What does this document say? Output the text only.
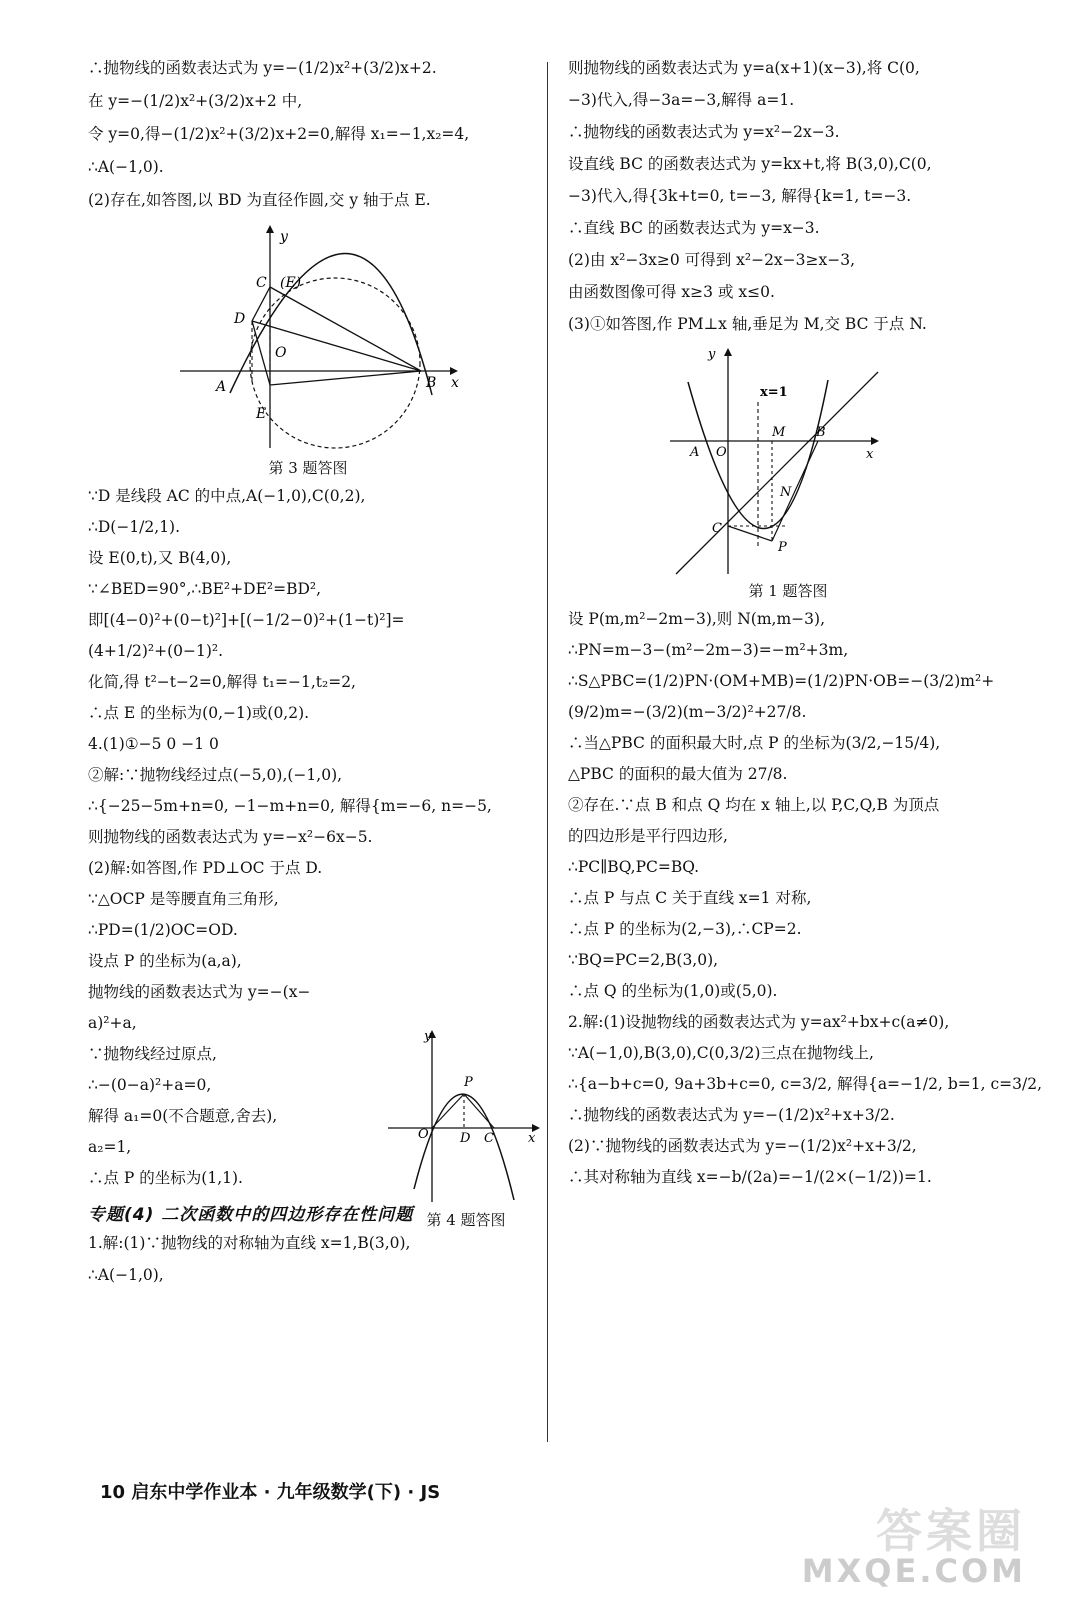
∴抛物线的函数表达式为 y=−(1/2)x²+(3/2)x+2.

在 y=−(1/2)x²+(3/2)x+2 中,

令 y=0,得−(1/2)x²+(3/2)x+2=0,解得 x₁=−1,x₂=4,

∴A(−1,0).

(2)存在,如答图,以 BD 为直径作圆,交 y 轴于点 E.

y
C (E)
D
O
A	B x
E
第 3 题答图

∵D 是线段 AC 的中点,A(−1,0),C(0,2),

∴D(−1/2,1).

设 E(0,t),又 B(4,0),

∵∠BED=90°,∴BE²+DE²=BD²,

即[(4−0)²+(0−t)²]+[(−1/2−0)²+(1−t)²]=

(4+1/2)²+(0−1)².

化简,得 t²−t−2=0,解得 t₁=−1,t₂=2,

∴点 E 的坐标为(0,−1)或(0,2).

4.(1)①−5 0 −1 0

②解:∵抛物线经过点(−5,0),(−1,0),

∴{−25−5m+n=0, −1−m+n=0, 解得{m=−6, n=−5,

则抛物线的函数表达式为 y=−x²−6x−5.

(2)解:如答图,作 PD⊥OC 于点 D.

∵△OCP 是等腰直角三角形,

∴PD=(1/2)OC=OD.

设点 P 的坐标为(a,a),

抛物线的函数表达式为 y=−(x−

a)²+a,

∵抛物线经过原点,

∴−(0−a)²+a=0,

解得 a₁=0(不合题意,舍去),

a₂=1,

∴点 P 的坐标为(1,1).

专题(4) 二次函数中的四边形存在性问题

1.解:(1)∵抛物线的对称轴为直线 x=1,B(3,0),

∴A(−1,0),

y
P
O D C	x
第 4 题答图

则抛物线的函数表达式为 y=a(x+1)(x−3),将 C(0,

−3)代入,得−3a=−3,解得 a=1.

∴抛物线的函数表达式为 y=x²−2x−3.

设直线 BC 的函数表达式为 y=kx+t,将 B(3,0),C(0,

−3)代入,得{3k+t=0, t=−3, 解得{k=1, t=−3.

∴直线 BC 的函数表达式为 y=x−3.

(2)由 x²−3x≥0 可得到 x²−2x−3≥x−3,

由函数图像可得 x≥3 或 x≤0.

(3)①如答图,作 PM⊥x 轴,垂足为 M,交 BC 于点 N.

y
x=1
M B
A O	x
N
C
P
第 1 题答图

设 P(m,m²−2m−3),则 N(m,m−3),

∴PN=m−3−(m²−2m−3)=−m²+3m,

∴S△PBC=(1/2)PN·(OM+MB)=(1/2)PN·OB=−(3/2)m²+

(9/2)m=−(3/2)(m−3/2)²+27/8.

∴当△PBC 的面积最大时,点 P 的坐标为(3/2,−15/4),

△PBC 的面积的最大值为 27/8.

②存在.∵点 B 和点 Q 均在 x 轴上,以 P,C,Q,B 为顶点

的四边形是平行四边形,

∴PC∥BQ,PC=BQ.

∴点 P 与点 C 关于直线 x=1 对称,

∴点 P 的坐标为(2,−3),∴CP=2.

∵BQ=PC=2,B(3,0),

∴点 Q 的坐标为(1,0)或(5,0).

2.解:(1)设抛物线的函数表达式为 y=ax²+bx+c(a≠0),

∵A(−1,0),B(3,0),C(0,3/2)三点在抛物线上,

∴{a−b+c=0, 9a+3b+c=0, c=3/2, 解得{a=−1/2, b=1, c=3/2,

∴抛物线的函数表达式为 y=−(1/2)x²+x+3/2.

(2)∵抛物线的函数表达式为 y=−(1/2)x²+x+3/2,

∴其对称轴为直线 x=−b/(2a)=−1/(2×(−1/2))=1.

10 启东中学作业本 · 九年级数学(下) · JS
答案圈
MXQE.COM
